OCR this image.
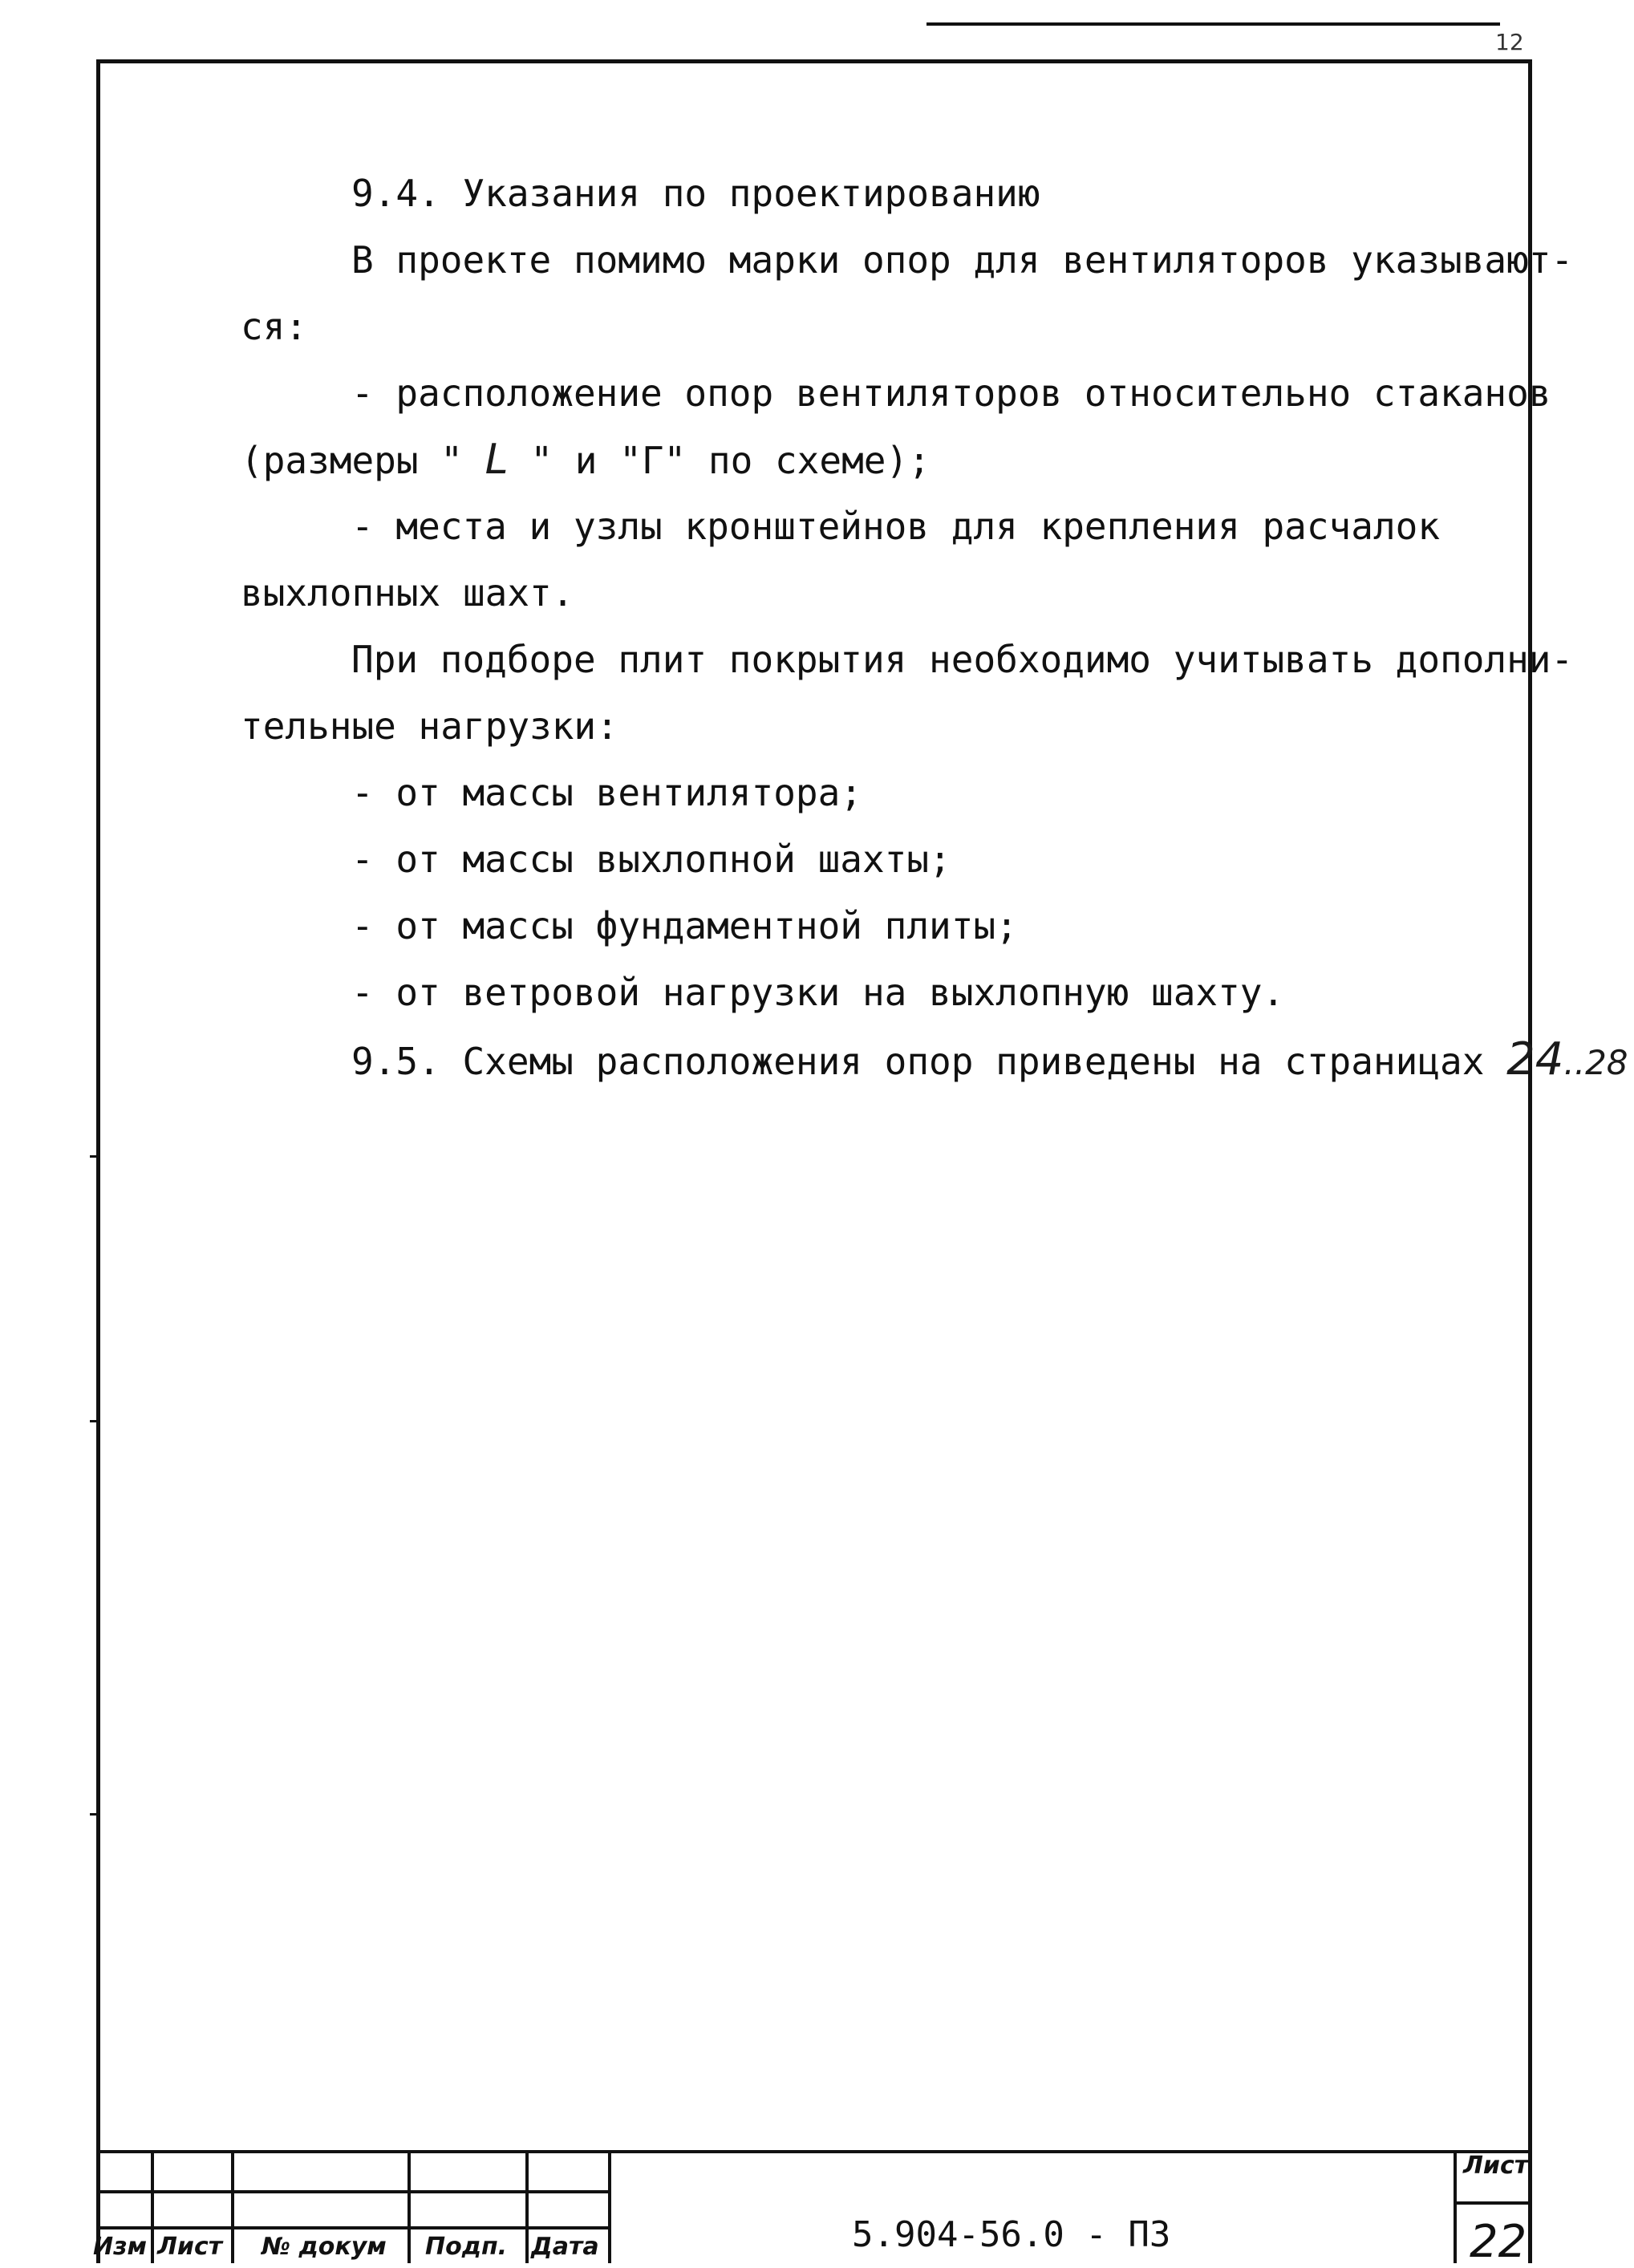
12
9.4. Указания по проектированию
В проекте помимо марки опор для вентиляторов указывают-
ся:
- расположение опор вентиляторов относительно стаканов
(размеры " L " и "Г" по схеме);
- места и узлы кронштейнов для крепления расчалок
выхлопных шахт.
При подборе плит покрытия необходимо учитывать дополни-
тельные нагрузки:
- от массы вентилятора;
- от массы выхлопной шахты;
- от массы фундаментной плиты;
- от ветровой нагрузки на выхлопную шахту.
9.5. Схемы расположения опор приведены на страницах 24..28
Изм Лист № докум Подп. Дата	5.904-56.0 - ПЗ
Лист
22
